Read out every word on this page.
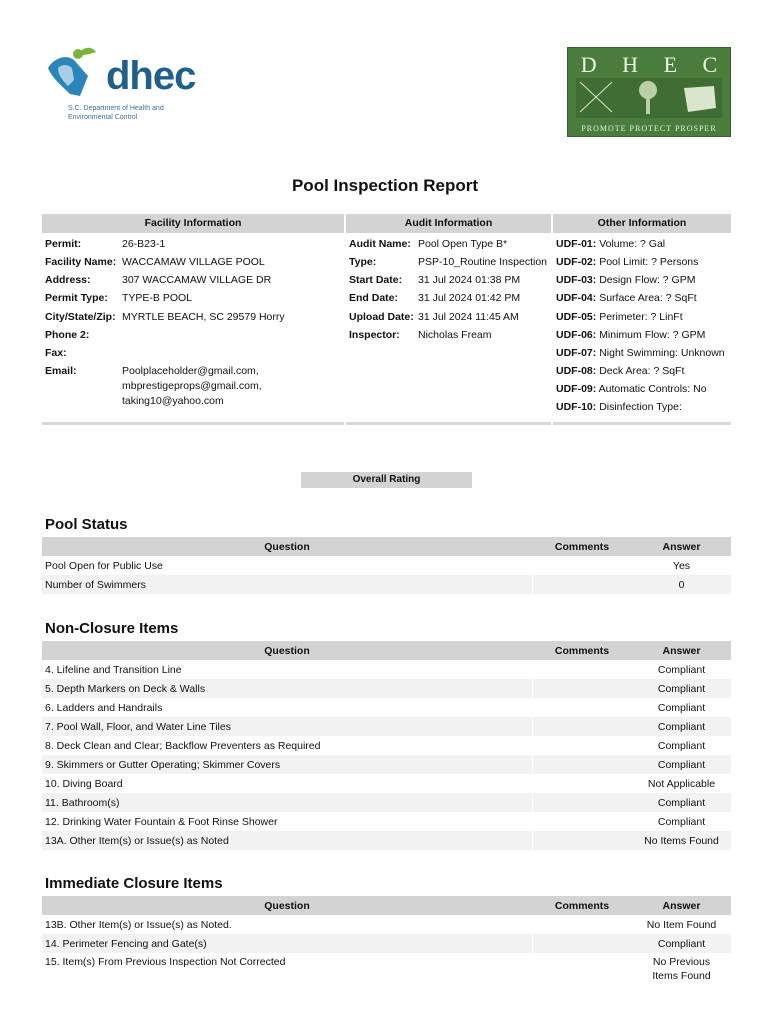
dhec
S.C. Department of Health and Environmental Control
D H E C
PROMOTE PROTECT PROSPER
Pool Inspection Report
Facility Information	Audit Information	Other Information
Permit:	26-B23-1
Facility Name: WACCAMAW VILLAGE POOL
Address:	307 WACCAMAW VILLAGE DR
Permit Type: TYPE-B POOL
City/State/Zip: MYRTLE BEACH, SC 29579 Horry
Phone 2:
Fax:
Email:	Poolplaceholder@gmail.com,
mbprestigeprops@gmail.com,
taking10@yahoo.com
Audit Name: Pool Open Type B*
Type:	PSP-10_Routine Inspection
Start Date: 31 Jul 2024 01:38 PM
End Date: 31 Jul 2024 01:42 PM
Upload Date: 31 Jul 2024 11:45 AM
Inspector: Nicholas Fream
UDF-01: Volume: ? Gal
UDF-02: Pool Limit: ? Persons
UDF-03: Design Flow: ? GPM
UDF-04: Surface Area: ? SqFt
UDF-05: Perimeter: ? LinFt
UDF-06: Minimum Flow: ? GPM
UDF-07: Night Swimming: Unknown
UDF-08: Deck Area: ? SqFt
UDF-09: Automatic Controls: No
UDF-10: Disinfection Type:
Overall Rating
Pool Status
Question	Comments	Answer
Pool Open for Public Use		Yes
Number of Swimmers		0
Non-Closure Items
Question	Comments	Answer
4. Lifeline and Transition Line		Compliant
5. Depth Markers on Deck & Walls		Compliant
6. Ladders and Handrails		Compliant
7. Pool Wall, Floor, and Water Line Tiles		Compliant
8. Deck Clean and Clear; Backflow Preventers as Required		Compliant
9. Skimmers or Gutter Operating; Skimmer Covers		Compliant
10. Diving Board		Not Applicable
11. Bathroom(s)		Compliant
12. Drinking Water Fountain & Foot Rinse Shower		Compliant
13A. Other Item(s) or Issue(s) as Noted		No Items Found
Immediate Closure Items
Question	Comments	Answer
13B. Other Item(s) or Issue(s) as Noted.		No Item Found
14. Perimeter Fencing and Gate(s)		Compliant
15. Item(s) From Previous Inspection Not Corrected		No Previous Items Found
